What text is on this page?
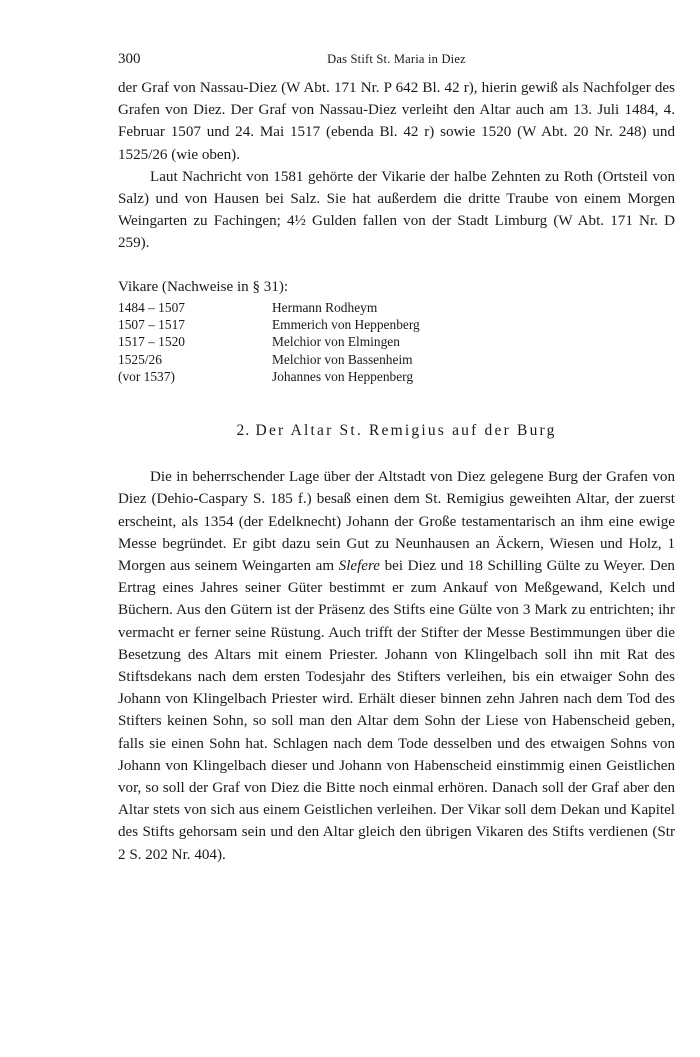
300	Das Stift St. Maria in Diez

der Graf von Nassau-Diez (W Abt. 171 Nr. P 642 Bl. 42 r), hierin gewiß als Nachfolger des Grafen von Diez. Der Graf von Nassau-Diez verleiht den Altar auch am 13. Juli 1484, 4. Februar 1507 und 24. Mai 1517 (ebenda Bl. 42 r) sowie 1520 (W Abt. 20 Nr. 248) und 1525/26 (wie oben).

Laut Nachricht von 1581 gehörte der Vikarie der halbe Zehnten zu Roth (Ortsteil von Salz) und von Hausen bei Salz. Sie hat außerdem die dritte Traube von einem Morgen Weingarten zu Fachingen; 4½ Gulden fallen von der Stadt Limburg (W Abt. 171 Nr. D 259).

Vikare (Nachweise in § 31):
1484 – 1507	Hermann Rodheym
1507 – 1517	Emmerich von Heppenberg
1517 – 1520	Melchior von Elmingen
1525/26	Melchior von Bassenheim
(vor 1537)	Johannes von Heppenberg
2. Der Altar St. Remigius auf der Burg

Die in beherrschender Lage über der Altstadt von Diez gelegene Burg der Grafen von Diez (Dehio-Caspary S. 185 f.) besaß einen dem St. Remigius geweihten Altar, der zuerst erscheint, als 1354 (der Edelknecht) Johann der Große testamentarisch an ihm eine ewige Messe begründet. Er gibt dazu sein Gut zu Neunhausen an Äckern, Wiesen und Holz, 1 Morgen aus seinem Weingarten am Slefere bei Diez und 18 Schilling Gülte zu Weyer. Den Ertrag eines Jahres seiner Güter bestimmt er zum Ankauf von Meßgewand, Kelch und Büchern. Aus den Gütern ist der Präsenz des Stifts eine Gülte von 3 Mark zu entrichten; ihr vermacht er ferner seine Rüstung. Auch trifft der Stifter der Messe Bestimmungen über die Besetzung des Altars mit einem Priester. Johann von Klingelbach soll ihn mit Rat des Stiftsdekans nach dem ersten Todesjahr des Stifters verleihen, bis ein etwaiger Sohn des Johann von Klingelbach Priester wird. Erhält dieser binnen zehn Jahren nach dem Tod des Stifters keinen Sohn, so soll man den Altar dem Sohn der Liese von Habenscheid geben, falls sie einen Sohn hat. Schlagen nach dem Tode desselben und des etwaigen Sohns von Johann von Klingelbach dieser und Johann von Habenscheid einstimmig einen Geistlichen vor, so soll der Graf von Diez die Bitte noch einmal erhören. Danach soll der Graf aber den Altar stets von sich aus einem Geistlichen verleihen. Der Vikar soll dem Dekan und Kapitel des Stifts gehorsam sein und den Altar gleich den übrigen Vikaren des Stifts verdienen (Str 2 S. 202 Nr. 404).
